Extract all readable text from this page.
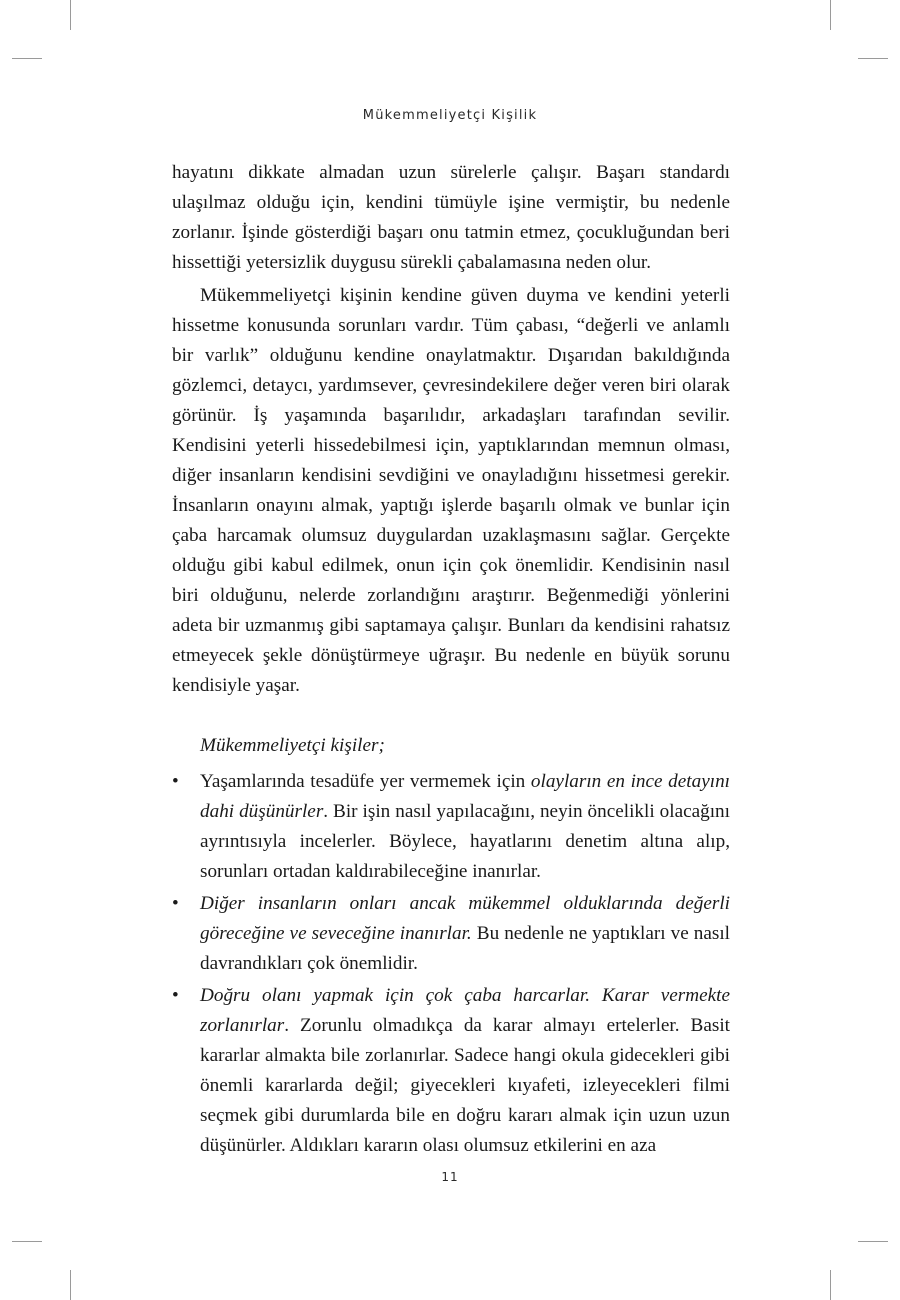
Mükemmeliyetçi Kişilik

hayatını dikkate almadan uzun sürelerle çalışır. Başarı standardı ulaşılmaz olduğu için, kendini tümüyle işine vermiştir, bu nedenle zorlanır. İşinde gösterdiği başarı onu tatmin etmez, çocukluğundan beri hissettiği yetersizlik duygusu sürekli çabalamasına neden olur.

Mükemmeliyetçi kişinin kendine güven duyma ve kendini yeterli hissetme konusunda sorunları vardır. Tüm çabası, “değerli ve anlamlı bir varlık” olduğunu kendine onaylatmaktır. Dışarıdan bakıldığında gözlemci, detaycı, yardımsever, çevresindekilere değer veren biri olarak görünür. İş yaşamında başarılıdır, arkadaşları tarafından sevilir. Kendisini yeterli hissedebilmesi için, yaptıklarından memnun olması, diğer insanların kendisini sevdiğini ve onayladığını hissetmesi gerekir. İnsanların onayını almak, yaptığı işlerde başarılı olmak ve bunlar için çaba harcamak olumsuz duygulardan uzaklaşmasını sağlar. Gerçekte olduğu gibi kabul edilmek, onun için çok önemlidir. Kendisinin nasıl biri olduğunu, nelerde zorlandığını araştırır. Beğenmediği yönlerini adeta bir uzmanmış gibi saptamaya çalışır. Bunları da kendisini rahatsız etmeyecek şekle dönüştürmeye uğraşır. Bu nedenle en büyük sorunu kendisiyle yaşar.

Mükemmeliyetçi kişiler;

• Yaşamlarında tesadüfe yer vermemek için olayların en ince detayını dahi düşünürler. Bir işin nasıl yapılacağını, neyin öncelikli olacağını ayrıntısıyla incelerler. Böylece, hayatlarını denetim altına alıp, sorunları ortadan kaldırabileceğine inanırlar.
• Diğer insanların onları ancak mükemmel olduklarında değerli göreceğine ve seveceğine inanırlar. Bu nedenle ne yaptıkları ve nasıl davrandıkları çok önemlidir.
• Doğru olanı yapmak için çok çaba harcarlar. Karar vermekte zorlanırlar. Zorunlu olmadıkça da karar almayı ertelerler. Basit kararlar almakta bile zorlanırlar. Sadece hangi okula gidecekleri gibi önemli kararlarda değil; giyecekleri kıyafeti, izleyecekleri filmi seçmek gibi durumlarda bile en doğru kararı almak için uzun uzun düşünürler. Aldıkları kararın olası olumsuz etkilerini en aza
11
